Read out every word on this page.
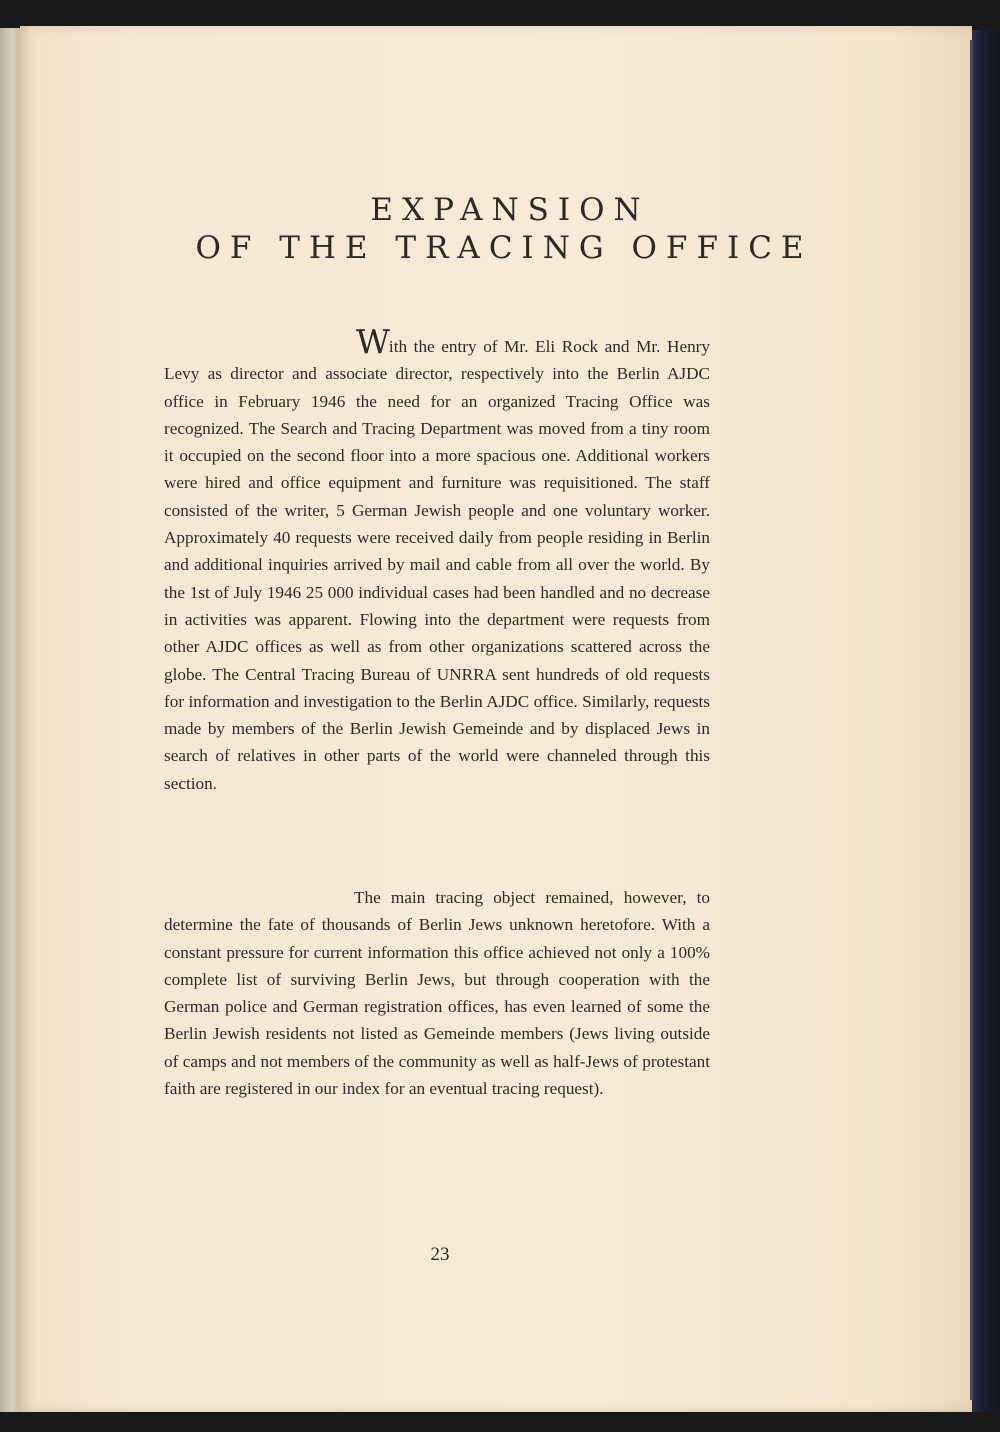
EXPANSION
OF THE TRACING OFFICE

With the entry of Mr. Eli Rock and Mr. Henry Levy as director and associate director, respectively into the Berlin AJDC office in February 1946 the need for an organized Tracing Office was recognized. The Search and Tracing Department was moved from a tiny room it occupied on the second floor into a more spacious one. Additional workers were hired and office equipment and furniture was requisitioned. The staff consisted of the writer, 5 German Jewish people and one voluntary worker. Approximately 40 requests were received daily from people residing in Berlin and additional inquiries arrived by mail and cable from all over the world. By the 1st of July 1946 25 000 individual cases had been handled and no decrease in activities was apparent. Flowing into the department were requests from other AJDC offices as well as from other organizations scattered across the globe. The Central Tracing Bureau of UNRRA sent hundreds of old requests for information and investigation to the Berlin AJDC office. Similarly, requests made by members of the Berlin Jewish Gemeinde and by displaced Jews in search of relatives in other parts of the world were channeled through this section.

The main tracing object remained, however, to determine the fate of thousands of Berlin Jews unknown heretofore. With a constant pressure for current information this office achieved not only a 100% complete list of surviving Berlin Jews, but through cooperation with the German police and German registration offices, has even learned of some the Berlin Jewish residents not listed as Gemeinde members (Jews living outside of camps and not members of the community as well as half-Jews of protestant faith are registered in our index for an eventual tracing request).

23
